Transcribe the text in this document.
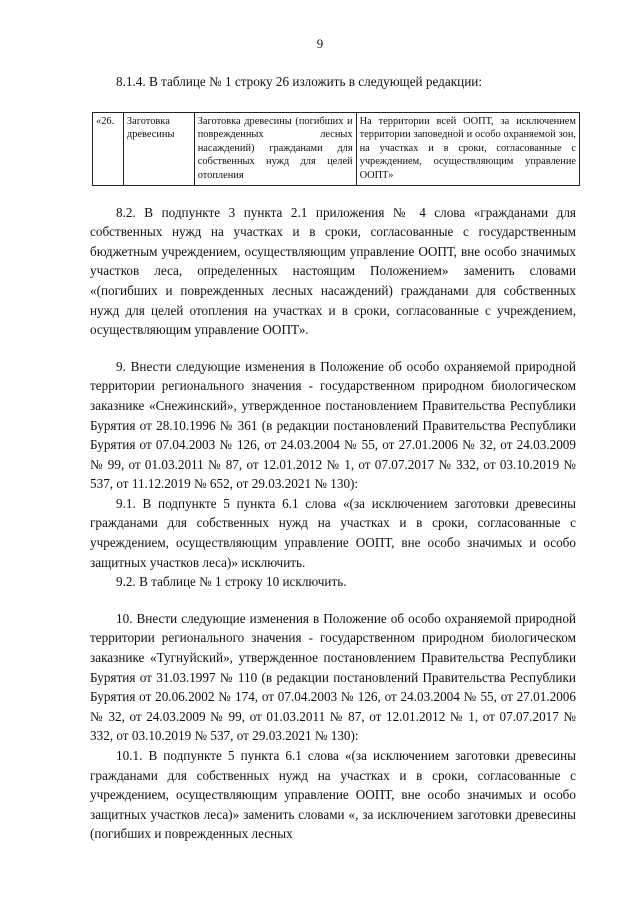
9

8.1.4. В таблице № 1 строку 26 изложить в следующей редакции:

«26.	Заготовка древесины	Заготовка древесины (погибших и поврежденных лесных насаждений) гражданами для собственных нужд для целей отопления	На территории всей ООПТ, за исключением территории заповедной и особо охраняемой зон, на участках и в сроки, согласованные с учреждением, осуществляющим управление ООПТ»

8.2. В подпункте 3 пункта 2.1 приложения № 4 слова «гражданами для собственных нужд на участках и в сроки, согласованные с государственным бюджетным учреждением, осуществляющим управление ООПТ, вне особо значимых участков леса, определенных настоящим Положением» заменить словами «(погибших и поврежденных лесных насаждений) гражданами для собственных нужд для целей отопления на участках и в сроки, согласованные с учреждением, осуществляющим управление ООПТ».

9. Внести следующие изменения в Положение об особо охраняемой природной территории регионального значения - государственном природном биологическом заказнике «Снежинский», утвержденное постановлением Правительства Республики Бурятия от 28.10.1996 № 361 (в редакции постановлений Правительства Республики Бурятия от 07.04.2003 № 126, от 24.03.2004 № 55, от 27.01.2006 № 32, от 24.03.2009 № 99, от 01.03.2011 № 87, от 12.01.2012 № 1, от 07.07.2017 № 332, от 03.10.2019 № 537, от 11.12.2019 № 652, от 29.03.2021 № 130):

9.1. В подпункте 5 пункта 6.1 слова «(за исключением заготовки древесины гражданами для собственных нужд на участках и в сроки, согласованные с учреждением, осуществляющим управление ООПТ, вне особо значимых и особо защитных участков леса)» исключить.

9.2. В таблице № 1 строку 10 исключить.

10. Внести следующие изменения в Положение об особо охраняемой природной территории регионального значения - государственном природном биологическом заказнике «Тугнуйский», утвержденное постановлением Правительства Республики Бурятия от 31.03.1997 № 110 (в редакции постановлений Правительства Республики Бурятия от 20.06.2002 № 174, от 07.04.2003 № 126, от 24.03.2004 № 55, от 27.01.2006 № 32, от 24.03.2009 № 99, от 01.03.2011 № 87, от 12.01.2012 № 1, от 07.07.2017 № 332, от 03.10.2019 № 537, от 29.03.2021 № 130):

10.1. В подпункте 5 пункта 6.1 слова «(за исключением заготовки древесины гражданами для собственных нужд на участках и в сроки, согласованные с учреждением, осуществляющим управление ООПТ, вне особо значимых и особо защитных участков леса)» заменить словами «, за исключением заготовки древесины (погибших и поврежденных лесных
